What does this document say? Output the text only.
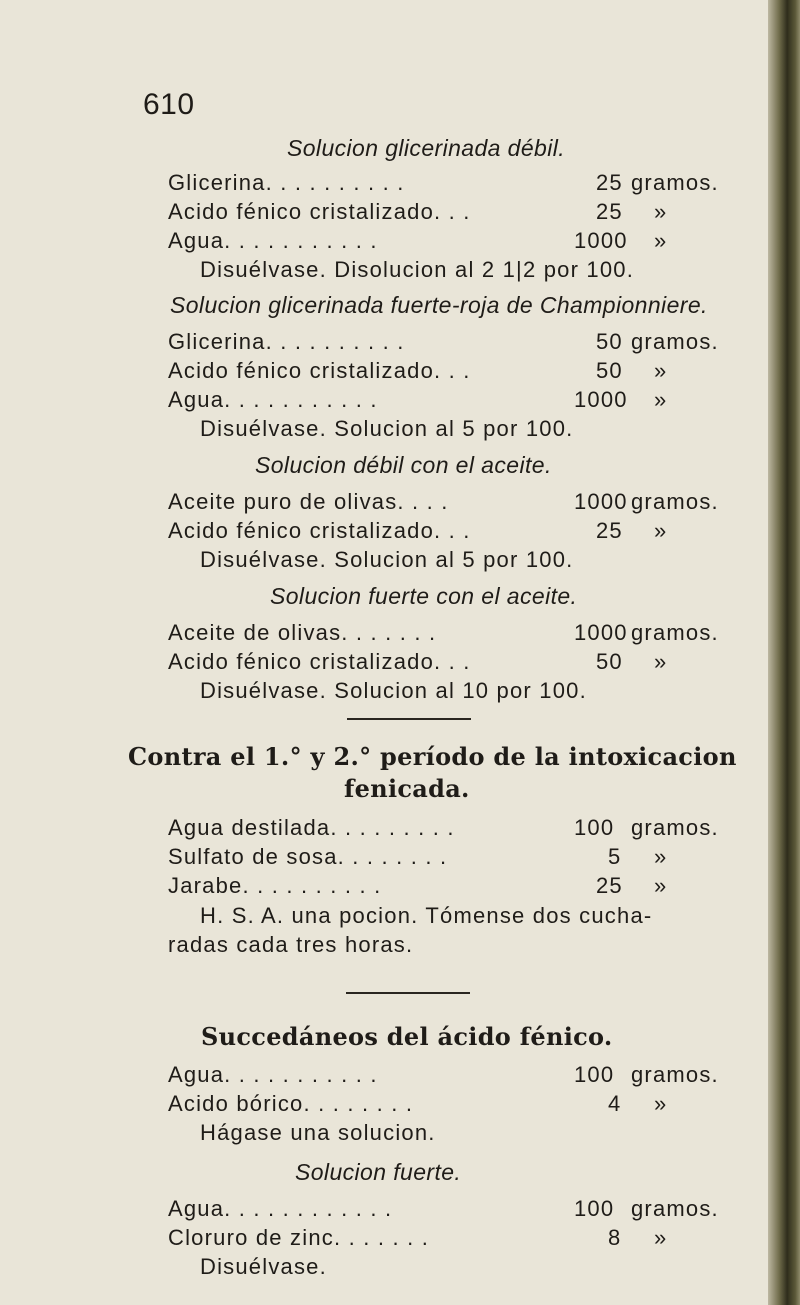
610
Solucion glicerinada débil.
Glicerina. . . . . . . . . .	25 gramos.
Acido fénico cristalizado. . .	25 »
Agua. . . . . . . . . . .	1000 »
Disuélvase. Disolucion al 2 1|2 por 100.
Solucion glicerinada fuerte-roja de Championniere.
Glicerina. . . . . . . . . .	50 gramos.
Acido fénico cristalizado. . .	50 »
Agua. . . . . . . . . . .	1000 »
Disuélvase. Solucion al 5 por 100.
Solucion débil con el aceite.
Aceite puro de olivas. . . .	1000 gramos.
Acido fénico cristalizado. . .	25 »
Disuélvase. Solucion al 5 por 100.
Solucion fuerte con el aceite.
Aceite de olivas. . . . . . .	1000 gramos.
Acido fénico cristalizado. . .	50 »
Disuélvase. Solucion al 10 por 100.
Contra el 1.° y 2.° período de la intoxicacion
fenicada.
Agua destilada. . . . . . . . .	100 gramos.
Sulfato de sosa. . . . . . . .	5 »
Jarabe. . . . . . . . . .	25 »
H. S. A. una pocion. Tómense dos cucha-
radas cada tres horas.
Succedáneos del ácido fénico.
Agua. . . . . . . . . . .	100 gramos.
Acido bórico. . . . . . . .	4 »
Hágase una solucion.
Solucion fuerte.
Agua. . . . . . . . . . . .	100 gramos.
Cloruro de zinc. . . . . . .	8 »
Disuélvase.
